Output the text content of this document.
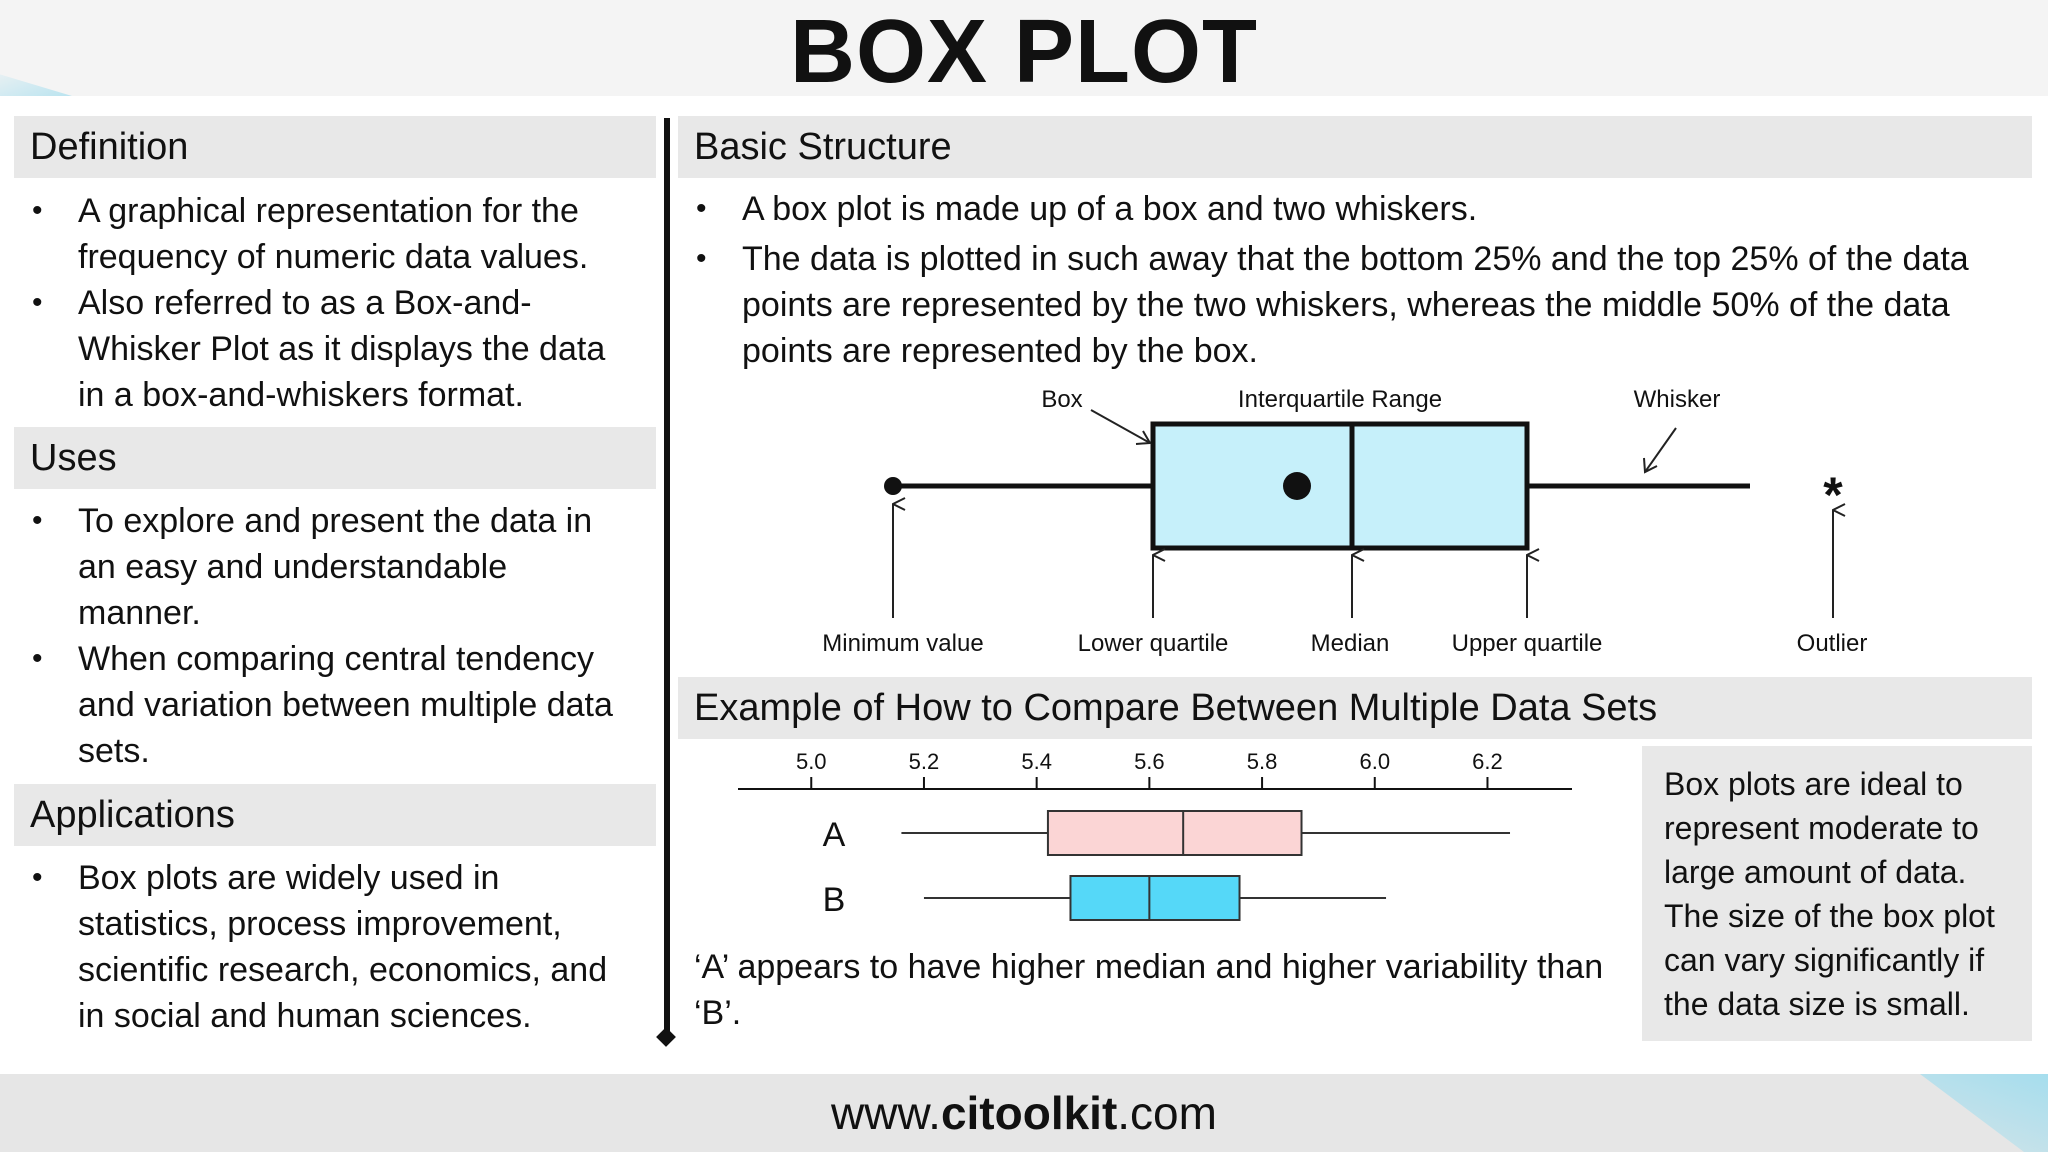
BOX PLOT
Definition
• A graphical representation for the frequency of numeric data values.
• Also referred to as a Box-and-Whisker Plot as it displays the data in a box-and-whiskers format.
Uses
• To explore and present the data in an easy and understandable manner.
• When comparing central tendency and variation between multiple data sets.
Applications
• Box plots are widely used in statistics, process improvement, scientific research, economics, and in social and human sciences.
Basic Structure
• A box plot is made up of a box and two whiskers.
• The data is plotted in such away that the bottom 25% and the top 25% of the data points are represented by the two whiskers, whereas the middle 50% of the data points are represented by the box.
*
Box	Interquartile Range	Whisker
Minimum value	Lower quartile	Median	Upper quartile	Outlier
Example of How to Compare Between Multiple Data Sets
5.0	5.2	5.4	5.6	5.8	6.0	6.2
A
B
‘A’ appears to have higher median and higher variability than ‘B’.
Box plots are ideal to represent moderate to large amount of data. The size of the box plot can vary significantly if the data size is small.
www.citoolkit.com
